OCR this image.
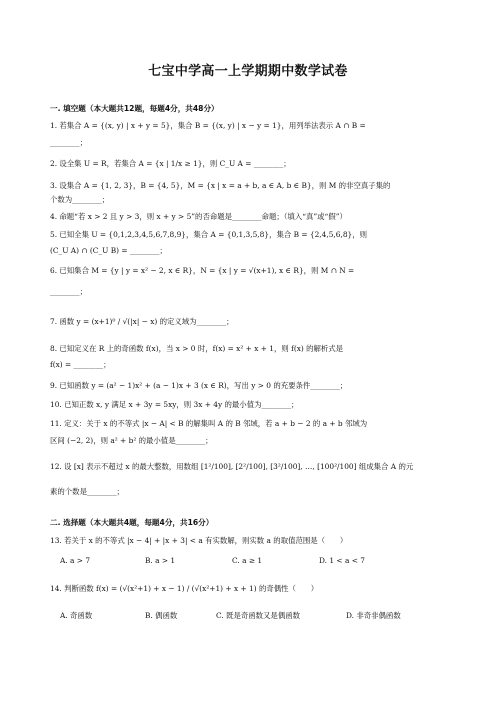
七宝中学高一上学期期中数学试卷
一. 填空题（本大题共12题，每题4分，共48分）
1. 若集合 A = {(x, y) | x + y = 5}，集合 B = {(x, y) | x − y = 1}，用列举法表示 A ∩ B =
________；
2. 设全集 U = R，若集合 A = {x | 1/x ≥ 1}，则 C_U A = ________；
3. 设集合 A = {1, 2, 3}，B = {4, 5}，M = {x | x = a + b, a ∈ A, b ∈ B}，则 M 的非空真子集的
个数为________；
4. 命题“若 x > 2 且 y > 3，则 x + y > 5”的否命题是________命题；（填入“真”或“假”）
5. 已知全集 U = {0,1,2,3,4,5,6,7,8,9}，集合 A = {0,1,3,5,8}，集合 B = {2,4,5,6,8}，则
(C_U A) ∩ (C_U B) = ________；
6. 已知集合 M = {y | y = x² − 2, x ∈ R}，N = {x | y = √(x+1), x ∈ R}，则 M ∩ N =
________；
7. 函数 y = (x+1)⁰ / √(|x| − x) 的定义域为________；
8. 已知定义在 R 上的奇函数 f(x)，当 x > 0 时，f(x) = x² + x + 1，则 f(x) 的解析式是
f(x) = ________；
9. 已知函数 y = (a² − 1)x² + (a − 1)x + 3 (x ∈ R)，写出 y > 0 的充要条件________；
10. 已知正数 x, y 满足 x + 3y = 5xy，则 3x + 4y 的最小值为________；
11. 定义：关于 x 的不等式 |x − A| < B 的解集叫 A 的 B 邻域，若 a + b − 2 的 a + b 邻域为
区间 (−2, 2)，则 a² + b² 的最小值是________；
12. 设 [x] 表示不超过 x 的最大整数，用数组 [1²/100], [2²/100], [3²/100], …, [100²/100] 组成集合 A 的元
素的个数是________；
二. 选择题（本大题共4题，每题4分，共16分）
13. 若关于 x 的不等式 |x − 4| + |x + 3| < a 有实数解，则实数 a 的取值范围是（　　）
A. a > 7	B. a > 1	C. a ≥ 1	D. 1 < a < 7
14. 判断函数 f(x) = (√(x²+1) + x − 1) / (√(x²+1) + x + 1) 的奇偶性（　　）
A. 奇函数	B. 偶函数	C. 既是奇函数又是偶函数	D. 非奇非偶函数
